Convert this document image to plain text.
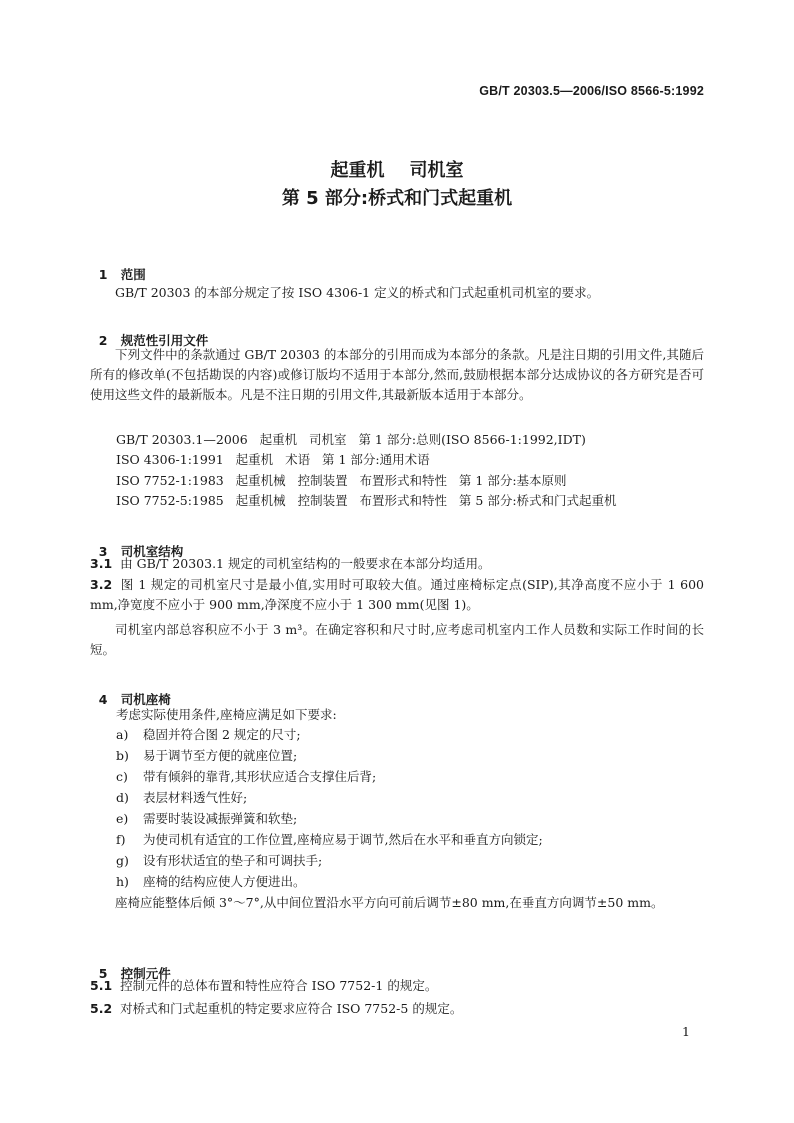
GB/T 20303.5—2006/ISO 8566-5:1992
起重机    司机室
第 5 部分:桥式和门式起重机

1 范围

GB/T 20303 的本部分规定了按 ISO 4306-1 定义的桥式和门式起重机司机室的要求。

2 规范性引用文件

下列文件中的条款通过 GB/T 20303 的本部分的引用而成为本部分的条款。凡是注日期的引用文件,其随后所有的修改单(不包括勘误的内容)或修订版均不适用于本部分,然而,鼓励根据本部分达成协议的各方研究是否可使用这些文件的最新版本。凡是不注日期的引用文件,其最新版本适用于本部分。
GB/T 20303.1—2006   起重机   司机室   第 1 部分:总则(ISO 8566-1:1992,IDT)
ISO 4306-1:1991   起重机   术语   第 1 部分:通用术语
ISO 7752-1:1983   起重机械   控制装置   布置形式和特性   第 1 部分:基本原则
ISO 7752-5:1985   起重机械   控制装置   布置形式和特性   第 5 部分:桥式和门式起重机

3 司机室结构

3.1 由 GB/T 20303.1 规定的司机室结构的一般要求在本部分均适用。
3.2 图 1 规定的司机室尺寸是最小值,实用时可取较大值。通过座椅标定点(SIP),其净高度不应小于 1 600 mm,净宽度不应小于 900 mm,净深度不应小于 1 300 mm(见图 1)。
司机室内部总容积应不小于 3 m³。在确定容积和尺寸时,应考虑司机室内工作人员数和实际工作时间的长短。

4 司机座椅

考虑实际使用条件,座椅应满足如下要求:
a) 稳固并符合图 2 规定的尺寸;
b) 易于调节至方便的就座位置;
c) 带有倾斜的靠背,其形状应适合支撑住后背;
d) 表层材料透气性好;
e) 需要时装设减振弹簧和软垫;
f) 为使司机有适宜的工作位置,座椅应易于调节,然后在水平和垂直方向锁定;
g) 设有形状适宜的垫子和可调扶手;
h) 座椅的结构应使人方便进出。
座椅应能整体后倾 3°～7°,从中间位置沿水平方向可前后调节±80 mm,在垂直方向调节±50 mm。

5 控制元件

5.1 控制元件的总体布置和特性应符合 ISO 7752-1 的规定。
5.2 对桥式和门式起重机的特定要求应符合 ISO 7752-5 的规定。
1
